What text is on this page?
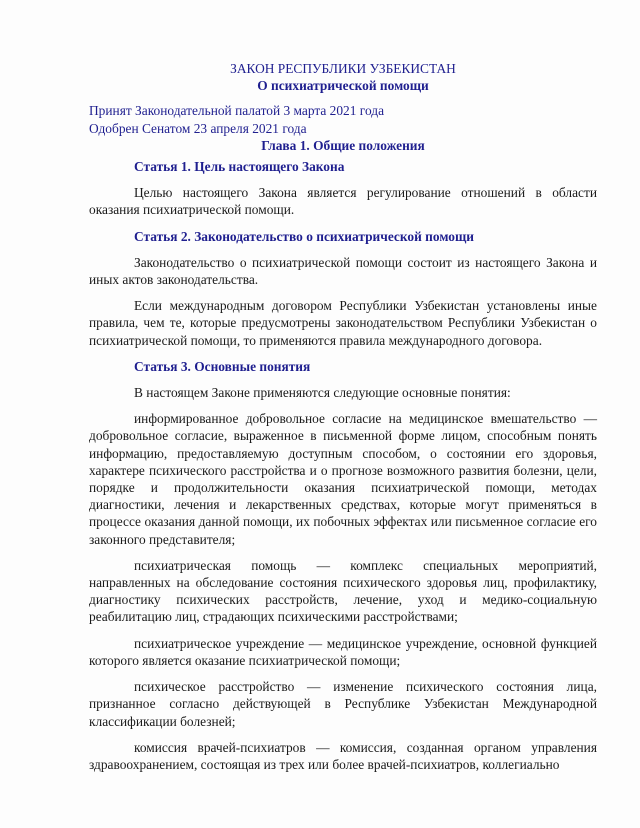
ЗАКОН РЕСПУБЛИКИ УЗБЕКИСТАН

О психиатрической помощи

Принят Законодательной палатой 3 марта 2021 года

Одобрен Сенатом 23 апреля 2021 года

Глава 1. Общие положения

Статья 1. Цель настоящего Закона

Целью настоящего Закона является регулирование отношений в области оказания психиатрической помощи.

Статья 2. Законодательство о психиатрической помощи

Законодательство о психиатрической помощи состоит из настоящего Закона и иных актов законодательства.

Если международным договором Республики Узбекистан установлены иные правила, чем те, которые предусмотрены законодательством Республики Узбекистан о психиатрической помощи, то применяются правила международного договора.

Статья 3. Основные понятия

В настоящем Законе применяются следующие основные понятия:

информированное добровольное согласие на медицинское вмешательство — добровольное согласие, выраженное в письменной форме лицом, способным понять информацию, предоставляемую доступным способом, о состоянии его здоровья, характере психического расстройства и о прогнозе возможного развития болезни, цели, порядке и продолжительности оказания психиатрической помощи, методах диагностики, лечения и лекарственных средствах, которые могут применяться в процессе оказания данной помощи, их побочных эффектах или письменное согласие его законного представителя;

психиатрическая помощь — комплекс специальных мероприятий, направленных на обследование состояния психического здоровья лиц, профилактику, диагностику психических расстройств, лечение, уход и медико-социальную реабилитацию лиц, страдающих психическими расстройствами;

психиатрическое учреждение — медицинское учреждение, основной функцией которого является оказание психиатрической помощи;

психическое расстройство — изменение психического состояния лица, признанное согласно действующей в Республике Узбекистан Международной классификации болезней;

комиссия врачей-психиатров — комиссия, созданная органом управления здравоохранением, состоящая из трех или более врачей-психиатров, коллегиально
